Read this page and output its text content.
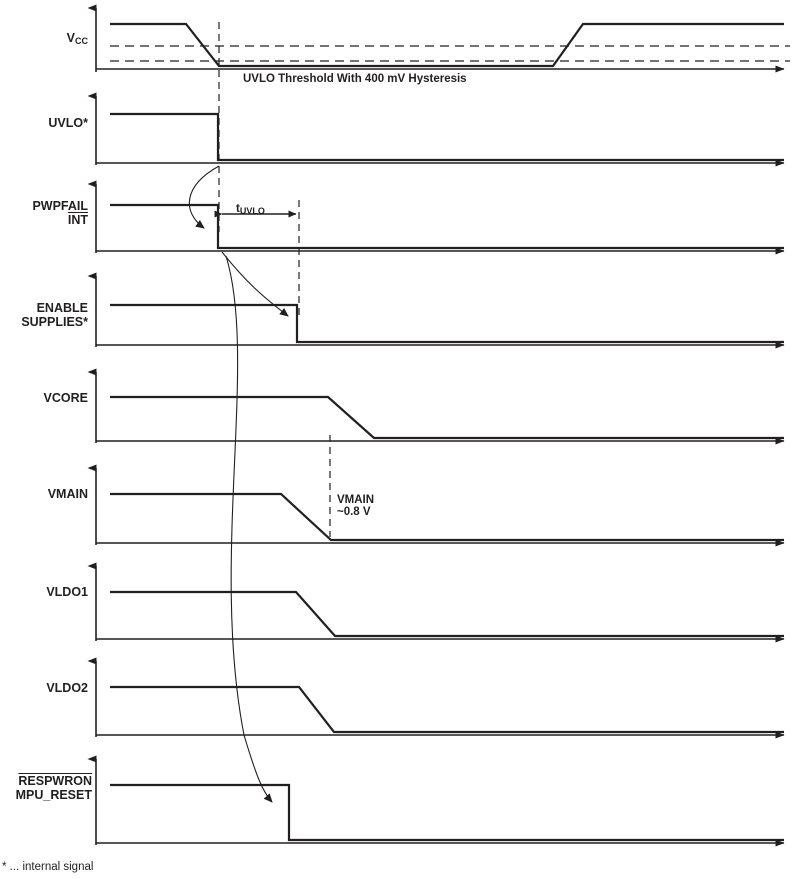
$V_{CC}$
UVLO*
PWPFAIL
$\overline{INT}$
ENABLE
SUPPLIES*
VCORE
VMAIN
VLDO1
VLDO2
RESPWRON
MPU_RESET
UVLO Threshold With 400 mV Hysteresis
$t_{UVLO}$
VMAIN
~0.8 V
* ... internal signal
